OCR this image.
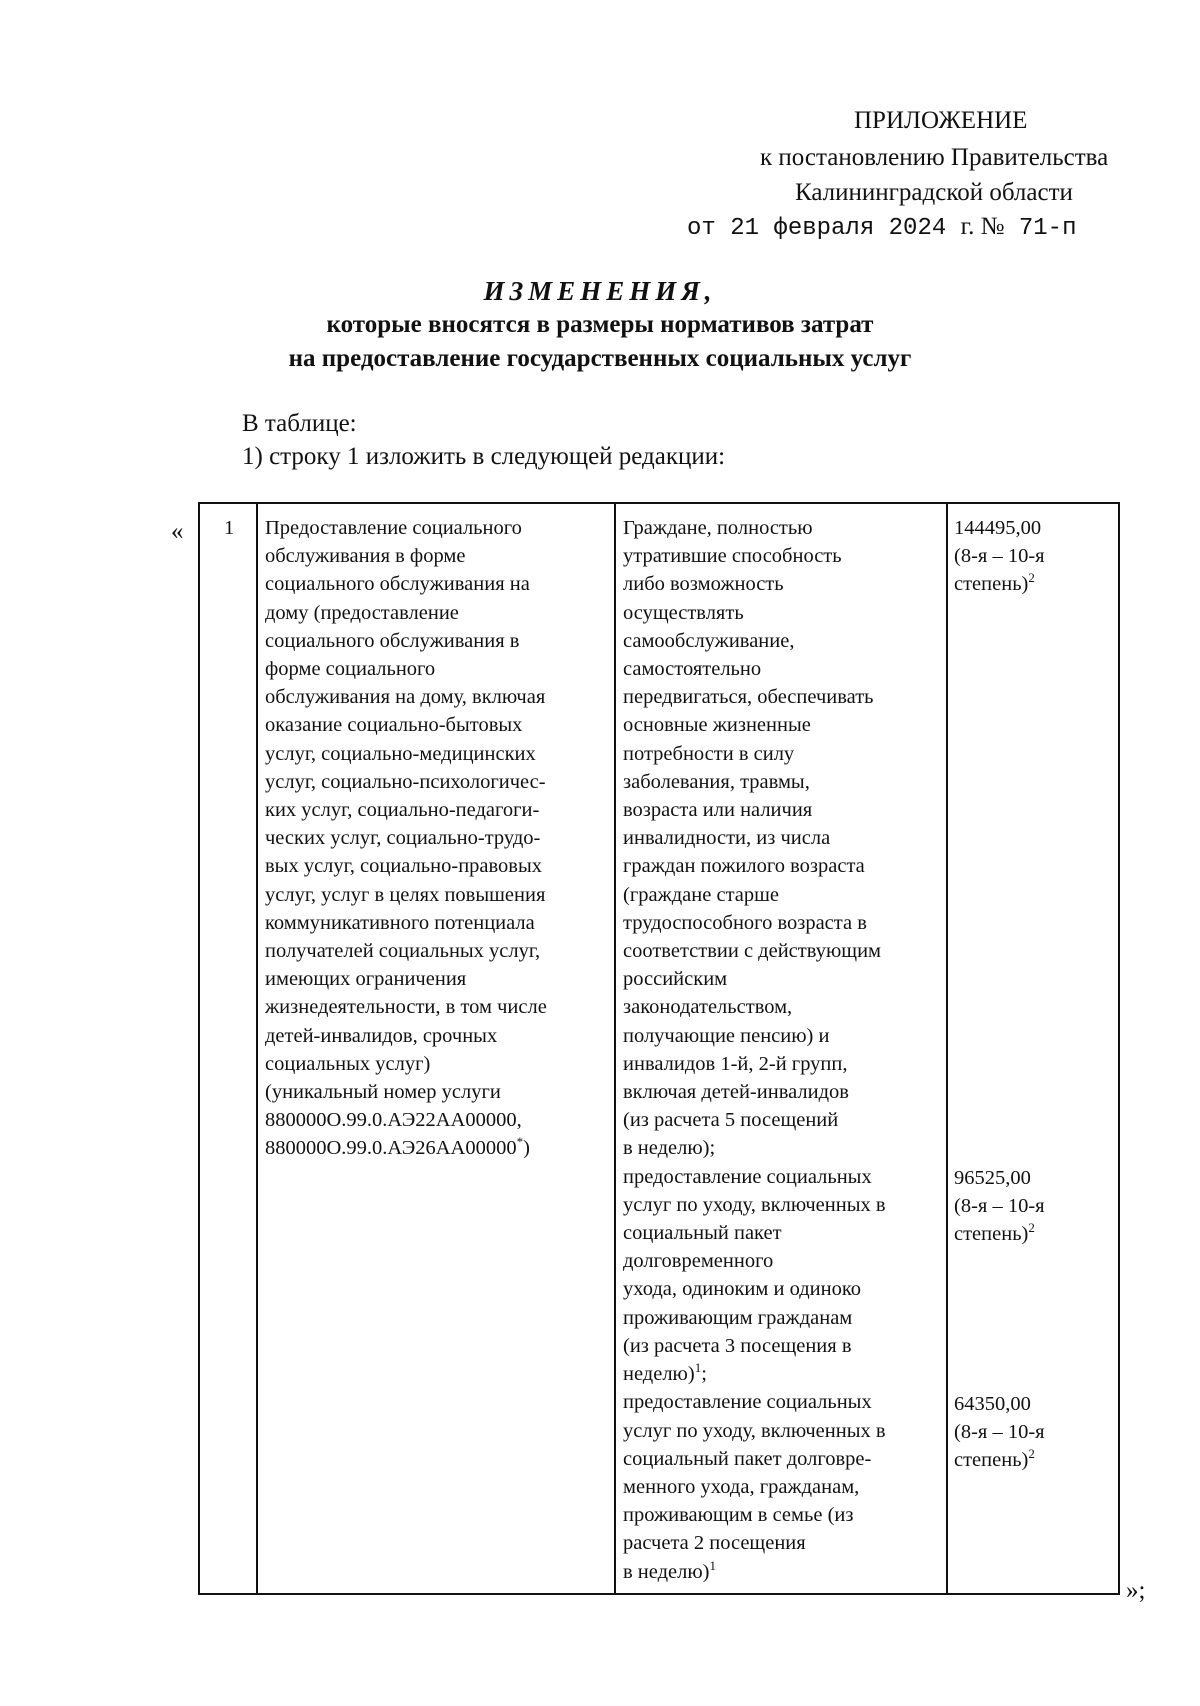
ПРИЛОЖЕНИЕ
к постановлению Правительства
Калининградской области
от 21 февраля 2024 г. № 71-п
ИЗМЕНЕНИЯ,
которые вносятся в размеры нормативов затрат
на предоставление государственных социальных услуг
В таблице:
1) строку 1 изложить в следующей редакции:
«
»;
1 Предоставление социального
обслуживания в форме
социального обслуживания на
дому (предоставление
социального обслуживания в
форме социального
обслуживания на дому, включая
оказание социально-бытовых
услуг, социально-медицинских
услуг, социально-психологичес-
ких услуг, социально-педагоги-
ческих услуг, социально-трудо-
вых услуг, социально-правовых
услуг, услуг в целях повышения
коммуникативного потенциала
получателей социальных услуг,
имеющих ограничения
жизнедеятельности, в том числе
детей-инвалидов, срочных
социальных услуг)
(уникальный номер услуги
880000О.99.0.АЭ22АА00000,
880000О.99.0.АЭ26АА00000*)
Граждане, полностью
утратившие способность
либо возможность
осуществлять
самообслуживание,
самостоятельно
передвигаться, обеспечивать
основные жизненные
потребности в силу
заболевания, травмы,
возраста или наличия
инвалидности, из числа
граждан пожилого возраста
(граждане старше
трудоспособного возраста в
соответствии с действующим
российским
законодательством,
получающие пенсию) и
инвалидов 1-й, 2-й групп,
включая детей-инвалидов
(из расчета 5 посещений
в неделю);
предоставление социальных
услуг по уходу, включенных в
социальный пакет
долговременного
ухода, одиноким и одиноко
проживающим гражданам
(из расчета 3 посещения в
неделю)$^1$;
предоставление социальных
услуг по уходу, включенных в
социальный пакет долговре-
менного ухода, гражданам,
проживающим в семье (из
расчета 2 посещения
в неделю)$^1$
144495,00
(8-я – 10-я
степень)$^2$
96525,00
(8-я – 10-я
степень)$^2$
64350,00
(8-я – 10-я
степень)$^2$
